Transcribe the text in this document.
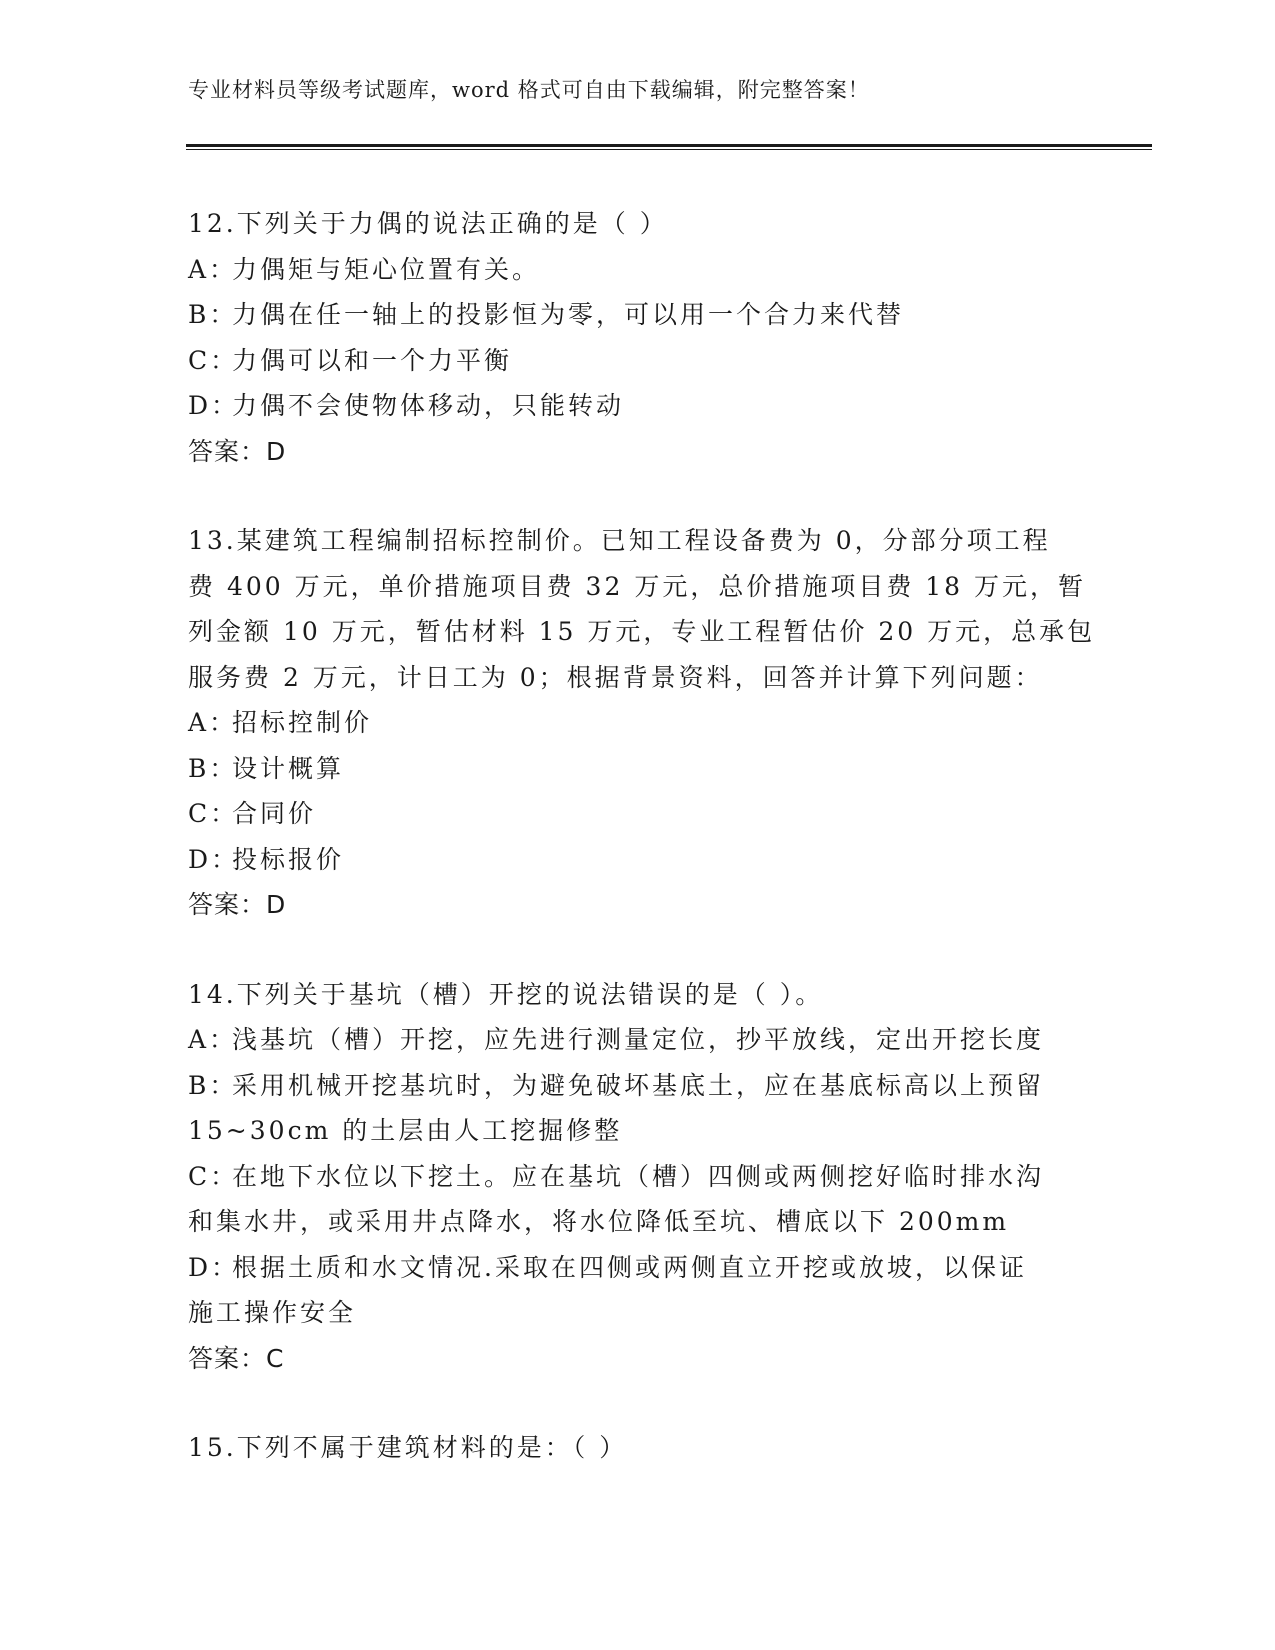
专业材料员等级考试题库，word 格式可自由下载编辑，附完整答案！

12.下列关于力偶的说法正确的是（ ）

A：力偶矩与矩心位置有关。

B：力偶在任一轴上的投影恒为零，可以用一个合力来代替

C：力偶可以和一个力平衡

D：力偶不会使物体移动，只能转动

答案：D

13.某建筑工程编制招标控制价。已知工程设备费为 0，分部分项工程

费 400 万元，单价措施项目费 32 万元，总价措施项目费 18 万元，暂

列金额 10 万元，暂估材料 15 万元，专业工程暂估价 20 万元，总承包

服务费 2 万元，计日工为 0；根据背景资料，回答并计算下列问题：

A：招标控制价

B：设计概算

C：合同价

D：投标报价

答案：D

14.下列关于基坑（槽）开挖的说法错误的是（ ）。

A：浅基坑（槽）开挖，应先进行测量定位，抄平放线，定出开挖长度

B：采用机械开挖基坑时，为避免破坏基底土，应在基底标高以上预留

15~30cm 的土层由人工挖掘修整

C：在地下水位以下挖土。应在基坑（槽）四侧或两侧挖好临时排水沟

和集水井，或采用井点降水，将水位降低至坑、槽底以下 200mm

D：根据土质和水文情况.采取在四侧或两侧直立开挖或放坡，以保证

施工操作安全

答案：C

15.下列不属于建筑材料的是：（ ）
